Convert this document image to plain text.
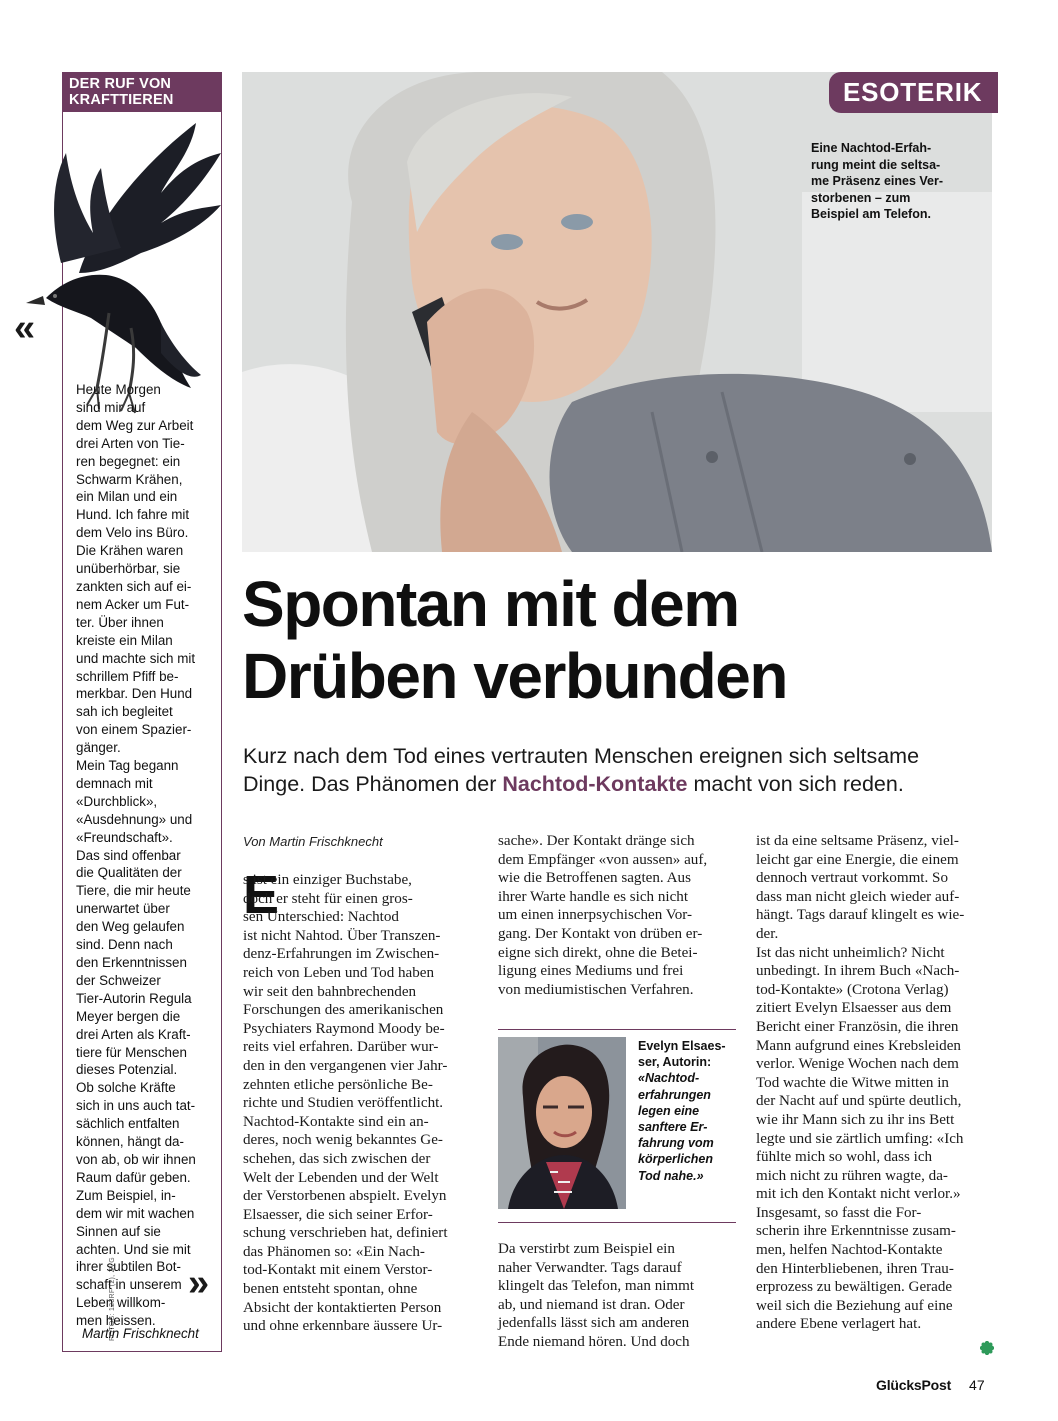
DER RUF VON
KRAFTTIEREN
FOTOS: 123RF (2), ZVG
«
Heute Morgen
sind mir auf
dem Weg zur Arbeit
drei Arten von Tie-
ren begegnet: ein
Schwarm Krähen,
ein Milan und ein
Hund. Ich fahre mit
dem Velo ins Büro.
Die Krähen waren
unüberhörbar, sie
zankten sich auf ei-
nem Acker um Fut-
ter. Über ihnen
kreiste ein Milan
und machte sich mit
schrillem Pfiff be-
merkbar. Den Hund
sah ich begleitet
von einem Spazier-
gänger.
Mein Tag begann
demnach mit
«Durchblick»,
«Ausdehnung» und
«Freundschaft».
Das sind offenbar
die Qualitäten der
Tiere, die mir heute
unerwartet über
den Weg gelaufen
sind. Denn nach
den Erkenntnissen
der Schweizer
Tier-Autorin Regula
Meyer bergen die
drei Arten als Kraft-
tiere für Menschen
dieses Potenzial.
Ob solche Kräfte
sich in uns auch tat-
sächlich entfalten
können, hängt da-
von ab, ob wir ihnen
Raum dafür geben.
Zum Beispiel, in-
dem wir mit wachen
Sinnen auf sie
achten. Und sie mit
ihrer subtilen Bot-
schaft in unserem
Leben willkom-
men heissen.
»
Martin Frischknecht
ESOTERIK
Eine Nachtod-Erfah-
rung meint die seltsa-
me Präsenz eines Ver-
storbenen – zum
Beispiel am Telefon.
Spontan mit dem
Drüben verbunden
Kurz nach dem Tod eines vertrauten Menschen ereignen sich seltsame
Dinge. Das Phänomen der Nachtod-Kontakte macht von sich reden.
Von Martin Frischknecht
E
s ist ein einziger Buchstabe,
doch er steht für einen gros-
sen Unterschied: Nachtod
ist nicht Nahtod. Über Transzen-
denz-Erfahrungen im Zwischen-
reich von Leben und Tod haben
wir seit den bahnbrechenden
Forschungen des amerikanischen
Psychiaters Raymond Moody be-
reits viel erfahren. Darüber wur-
den in den vergangenen vier Jahr-
zehnten etliche persönliche Be-
richte und Studien veröffentlicht.
Nachtod-Kontakte sind ein an-
deres, noch wenig bekanntes Ge-
schehen, das sich zwischen der
Welt der Lebenden und der Welt
der Verstorbenen abspielt. Evelyn
Elsaesser, die sich seiner Erfor-
schung verschrieben hat, definiert
das Phänomen so: «Ein Nach-
tod-Kontakt mit einem Verstor-
benen entsteht spontan, ohne
Absicht der kontaktierten Person
und ohne erkennbare äussere Ur-
sache». Der Kontakt dränge sich
dem Empfänger «von aussen» auf,
wie die Betroffenen sagten. Aus
ihrer Warte handle es sich nicht
um einen innerpsychischen Vor-
gang. Der Kontakt von drüben er-
eigne sich direkt, ohne die Betei-
ligung eines Mediums und frei
von mediumistischen Verfahren.
Evelyn Elsaes-
ser, Autorin:
«Nachtod-
erfahrungen
legen eine
sanftere Er-
fahrung vom
körperlichen
Tod nahe.»
Da verstirbt zum Beispiel ein
naher Verwandter. Tags darauf
klingelt das Telefon, man nimmt
ab, und niemand ist dran. Oder
jedenfalls lässt sich am anderen
Ende niemand hören. Und doch
ist da eine seltsame Präsenz, viel-
leicht gar eine Energie, die einem
dennoch vertraut vorkommt. So
dass man nicht gleich wieder auf-
hängt. Tags darauf klingelt es wie-
der.
Ist das nicht unheimlich? Nicht
unbedingt. In ihrem Buch «Nach-
tod-Kontakte» (Crotona Verlag)
zitiert Evelyn Elsaesser aus dem
Bericht einer Französin, die ihren
Mann aufgrund eines Krebsleiden
verlor. Wenige Wochen nach dem
Tod wachte die Witwe mitten in
der Nacht auf und spürte deutlich,
wie ihr Mann sich zu ihr ins Bett
legte und sie zärtlich umfing: «Ich
fühlte mich so wohl, dass ich
mich nicht zu rühren wagte, da-
mit ich den Kontakt nicht verlor.»
Insgesamt, so fasst die For-
scherin ihre Erkenntnisse zusam-
men, helfen Nachtod-Kontakte
den Hinterbliebenen, ihren Trau-
erprozess zu bewältigen. Gerade
weil sich die Beziehung auf eine
andere Ebene verlagert hat.
GlücksPost 47
